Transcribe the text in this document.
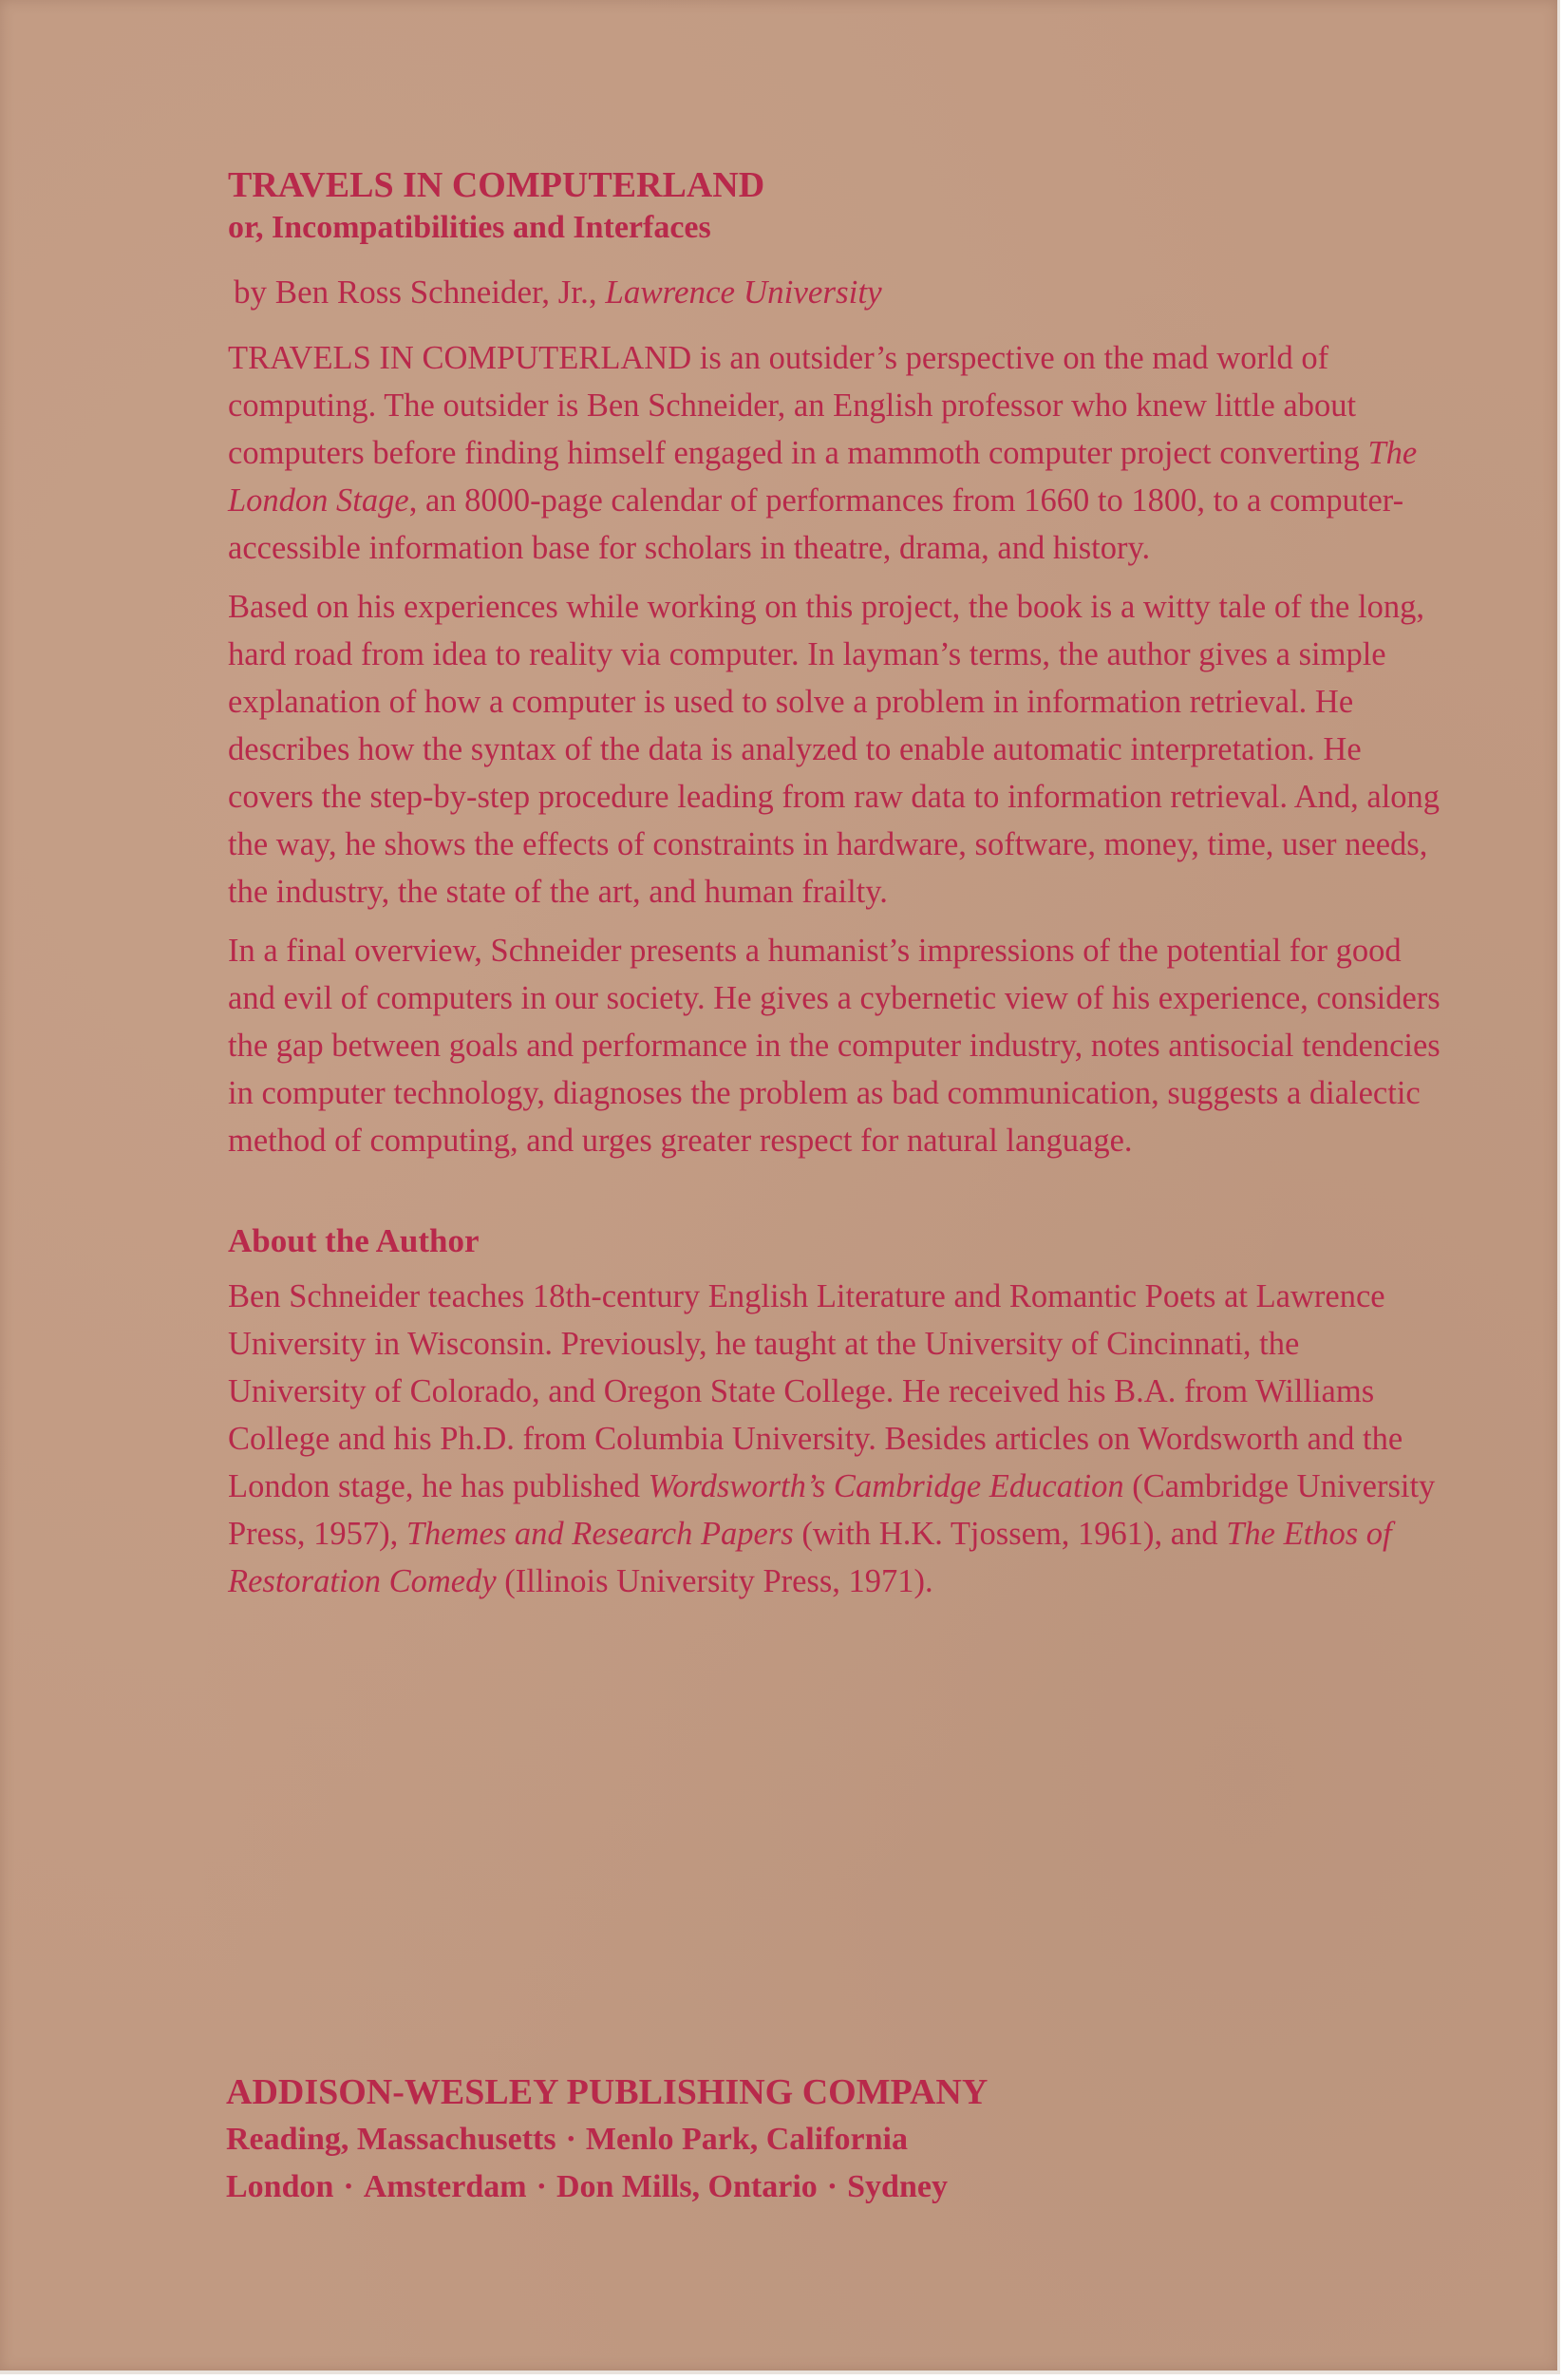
TRAVELS IN COMPUTERLAND
or, Incompatibilities and Interfaces
by Ben Ross Schneider, Jr., Lawrence University

TRAVELS IN COMPUTERLAND is an outsider’s perspective on the mad world of computing. The outsider is Ben Schneider, an English professor who knew little about computers before finding himself engaged in a mammoth computer project converting The London Stage, an 8000-page calendar of performances from 1660 to 1800, to a computer-accessible information base for scholars in theatre, drama, and history.

Based on his experiences while working on this project, the book is a witty tale of the long, hard road from idea to reality via computer. In layman’s terms, the author gives a simple explanation of how a computer is used to solve a problem in information retrieval. He describes how the syntax of the data is analyzed to enable automatic interpretation. He covers the step-by-step procedure leading from raw data to information retrieval. And, along the way, he shows the effects of constraints in hardware, software, money, time, user needs, the industry, the state of the art, and human frailty.

In a final overview, Schneider presents a humanist’s impressions of the potential for good and evil of computers in our society. He gives a cybernetic view of his experience, considers the gap between goals and performance in the computer industry, notes antisocial tendencies in computer technology, diagnoses the problem as bad communication, suggests a dialectic method of computing, and urges greater respect for natural language.

About the Author

Ben Schneider teaches 18th-century English Literature and Romantic Poets at Lawrence University in Wisconsin. Previously, he taught at the University of Cincinnati, the University of Colorado, and Oregon State College. He received his B.A. from Williams College and his Ph.D. from Columbia University. Besides articles on Wordsworth and the London stage, he has published Wordsworth’s Cambridge Education (Cambridge University Press, 1957), Themes and Research Papers (with H.K. Tjossem, 1961), and The Ethos of Restoration Comedy (Illinois University Press, 1971).

ADDISON-WESLEY PUBLISHING COMPANY
Reading, Massachusetts · Menlo Park, California
London · Amsterdam · Don Mills, Ontario · Sydney
